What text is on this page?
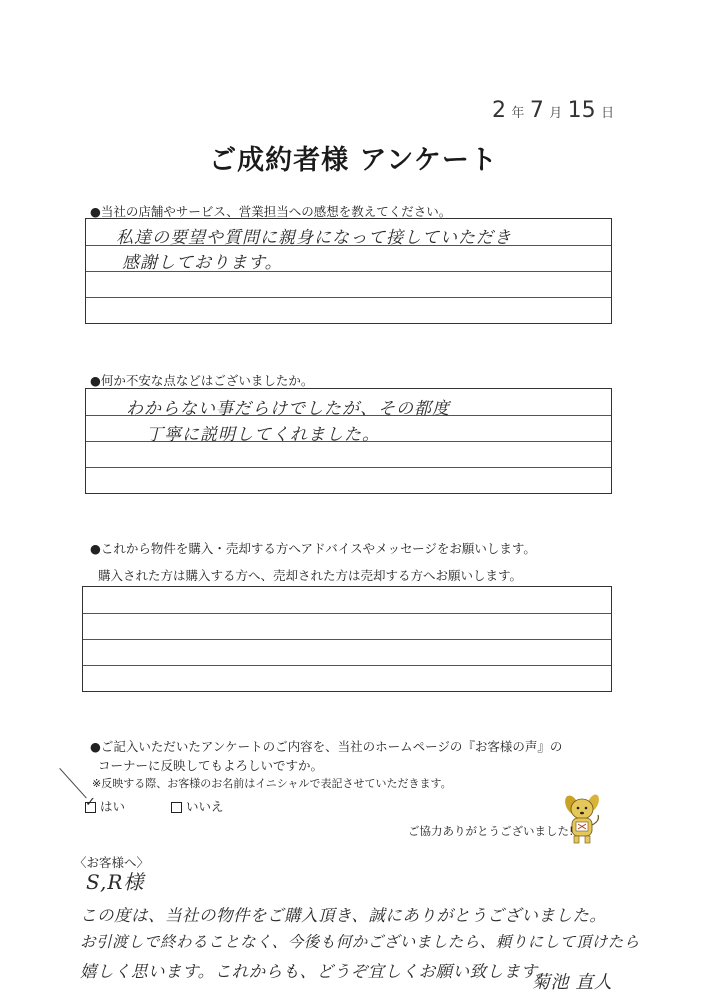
2 年 7 月 15 日
ご成約者様 アンケート
●当社の店舗やサービス、営業担当への感想を教えてください。
私達の要望や質問に親身になって接していただき
感謝しております。
●何か不安な点などはございましたか。
わからない事だらけでしたが、その都度
丁寧に説明してくれました。
●これから物件を購入・売却する方へアドバイスやメッセージをお願いします。
購入された方は購入する方へ、売却された方は売却する方へお願いします。
●ご記入いただいたアンケートのご内容を、当社のホームページの『お客様の声』の
コーナーに反映してもよろしいですか。
※反映する際、お客様のお名前はイニシャルで表記させていただきます。
✓ はい	いいえ
ご協力ありがとうございました!
〈お客様へ〉
S,R様
この度は、当社の物件をご購入頂き、誠にありがとうございました。
お引渡しで終わることなく、今後も何かございましたら、頼りにして頂けたら
嬉しく思います。これからも、どうぞ宜しくお願い致します。
菊池 直人
